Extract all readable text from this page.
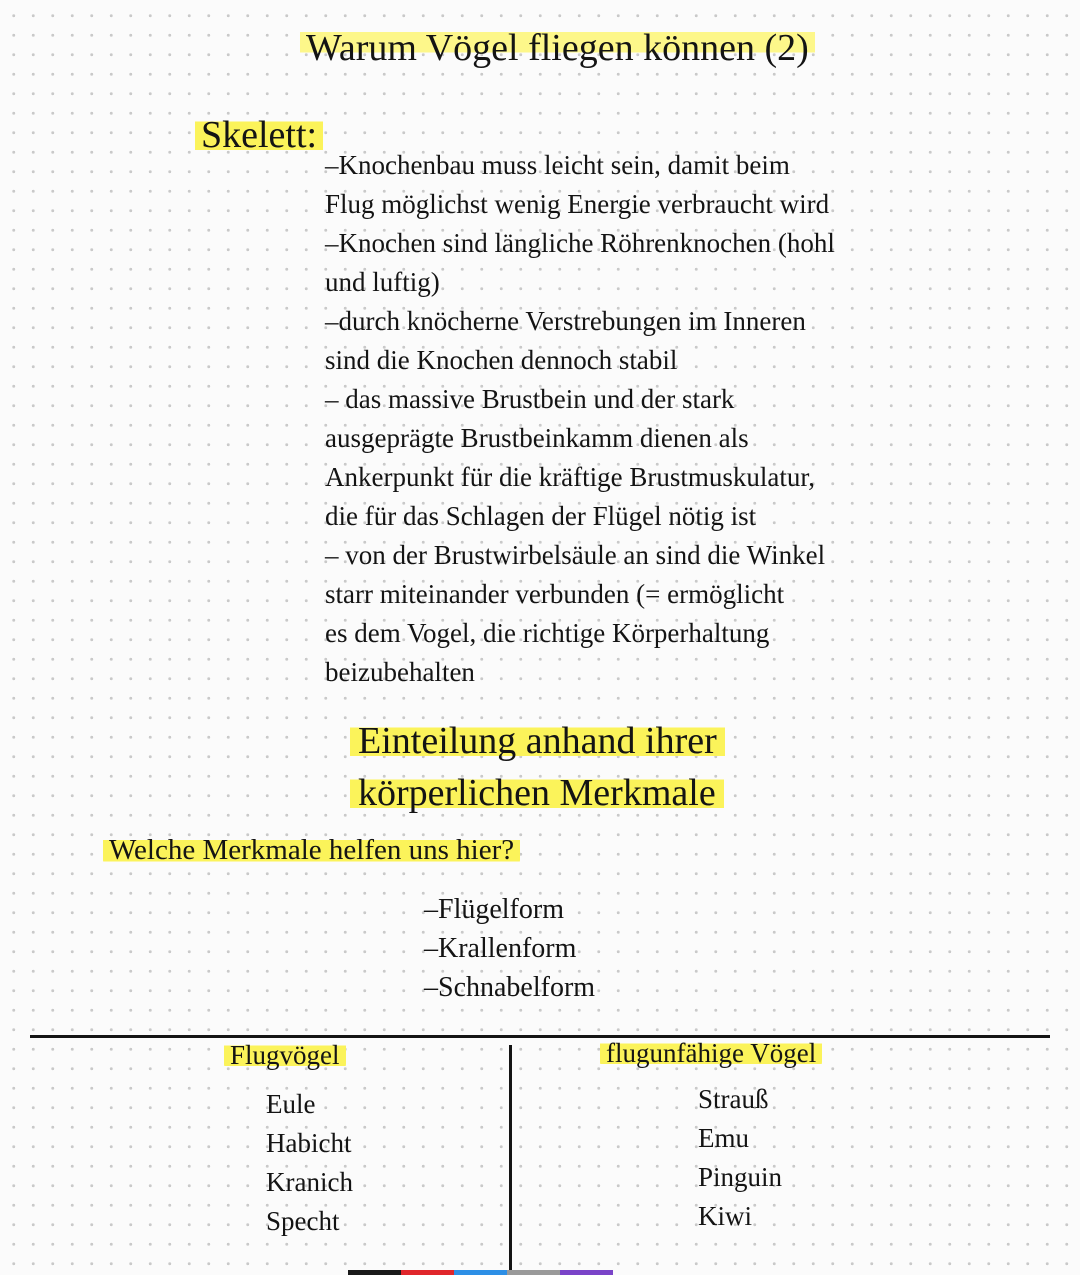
Warum Vögel fliegen können (2)
Skelett:

–Knochenbau muss leicht sein, damit beim

Flug möglichst wenig Energie verbraucht wird

–Knochen sind längliche Röhrenknochen (hohl

und luftig)

–durch knöcherne Verstrebungen im Inneren

sind die Knochen dennoch stabil

– das massive Brustbein und der stark

ausgeprägte Brustbeinkamm dienen als

Ankerpunkt für die kräftige Brustmuskulatur,

die für das Schlagen der Flügel nötig ist

– von der Brustwirbelsäule an sind die Winkel

starr miteinander verbunden (= ermöglicht

es dem Vogel, die richtige Körperhaltung

beizubehalten

Einteilung anhand ihrer
körperlichen Merkmale
Welche Merkmale helfen uns hier?
–Flügelform
–Krallenform
–Schnabelform
Flugvögel
Eule
Habicht
Kranich
Specht
flugunfähige Vögel
Strauß
Emu
Pinguin
Kiwi
